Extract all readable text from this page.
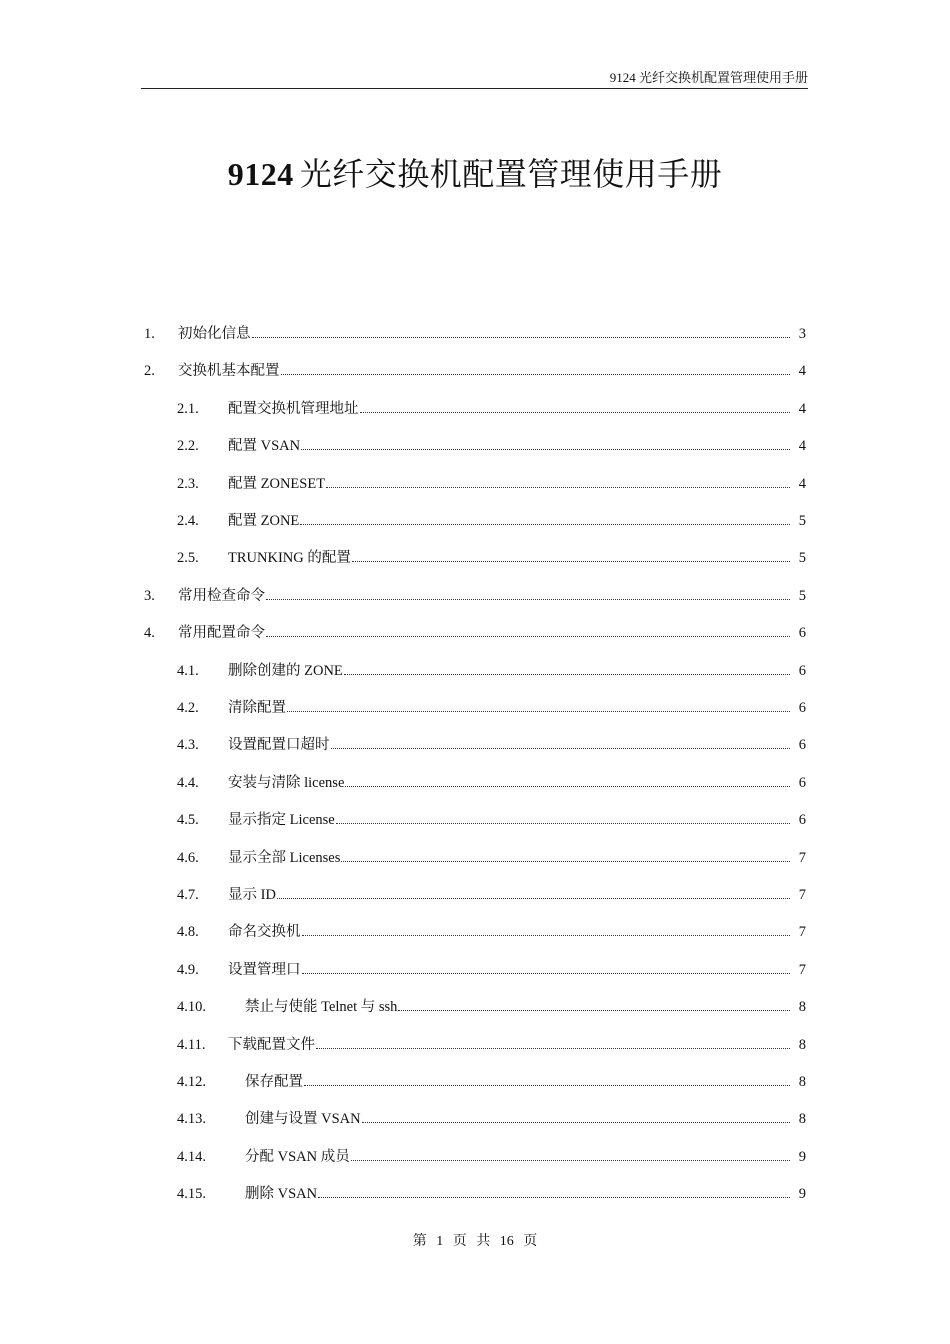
9124 光纤交换机配置管理使用手册
9124 光纤交换机配置管理使用手册
1. 初始化信息	3
2. 交换机基本配置	4
2.1. 配置交换机管理地址	4
2.2. 配置 VSAN	4
2.3. 配置 ZONESET	4
2.4. 配置 ZONE	5
2.5. TRUNKING 的配置	5
3. 常用检查命令	5
4. 常用配置命令	6
4.1. 删除创建的 ZONE	6
4.2. 清除配置	6
4.3. 设置配置口超时	6
4.4. 安装与清除 license	6
4.5. 显示指定 License	6
4.6. 显示全部 Licenses	7
4.7. 显示 ID	7
4.8. 命名交换机	7
4.9. 设置管理口	7
4.10.	禁止与使能 Telnet 与 ssh	8
4.11. 下载配置文件	8
4.12.	保存配置	8
4.13.	创建与设置 VSAN	8
4.14.	分配 VSAN 成员	9
4.15.	删除 VSAN	9
第 1 页 共 16 页
